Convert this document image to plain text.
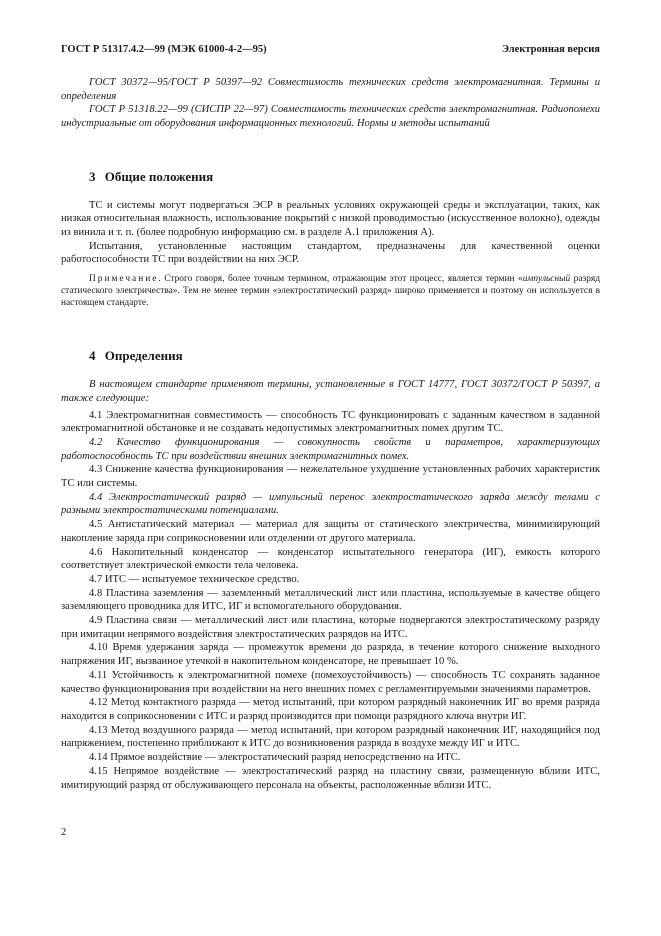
ГОСТ Р 51317.4.2—99 (МЭК 61000-4-2—95)	Электронная версия

ГОСТ 30372—95/ГОСТ Р 50397—92 Совместимость технических средств электромагнитная. Термины и определения

ГОСТ Р 51318.22—99 (СИСПР 22—97) Совместимость технических средств электромагнитная. Радиопомехи индустриальные от оборудования информационных технологий. Нормы и методы испытаний

3 Общие положения

ТС и системы могут подвергаться ЭСР в реальных условиях окружающей среды и эксплуатации, таких, как низкая относительная влажность, использование покрытий с низкой проводимостью (искусственное волокно), одежды из винила и т. п. (более подробную информацию см. в разделе А.1 приложения А).

Испытания, установленные настоящим стандартом, предназначены для качественной оценки работоспособности ТС при воздействии на них ЭСР.

Примечание. Строго говоря, более точным термином, отражающим этот процесс, является термин «импульсный разряд статического электричества». Тем не менее термин «электростатический разряд» широко применяется и поэтому он используется в настоящем стандарте.

4 Определения

В настоящем стандарте применяют термины, установленные в ГОСТ 14777, ГОСТ 30372/ГОСТ Р 50397, а также следующие:

4.1 Электромагнитная совместимость — способность ТС функционировать с заданным качеством в заданной электромагнитной обстановке и не создавать недопустимых электромагнитных помех другим ТС.

4.2 Качество функционирования — совокупность свойств и параметров, характеризующих работоспособность ТС при воздействии внешних электромагнитных помех.

4.3 Снижение качества функционирования — нежелательное ухудшение установленных рабочих характеристик ТС или системы.

4.4 Электростатический разряд — импульсный перенос электростатического заряда между телами с разными электростатическими потенциалами.

4.5 Антистатический материал — материал для защиты от статического электричества, минимизирующий накопление заряда при соприкосновении или отделении от другого материала.

4.6 Накопительный конденсатор — конденсатор испытательного генератора (ИГ), емкость которого соответствует электрической емкости тела человека.

4.7 ИТС — испытуемое техническое средство.

4.8 Пластина заземления — заземленный металлический лист или пластина, используемые в качестве общего заземляющего проводника для ИТС, ИГ и вспомогательного оборудования.

4.9 Пластина связи — металлический лист или пластина, которые подвергаются электростатическому разряду при имитации непрямого воздействия электростатических разрядов на ИТС.

4.10 Время удержания заряда — промежуток времени до разряда, в течение которого снижение выходного напряжения ИГ, вызванное утечкой в накопительном конденсаторе, не превышает 10 %.

4.11 Устойчивость к электромагнитной помехе (помехоустойчивость) — способность ТС сохранять заданное качество функционирования при воздействии на него внешних помех с регламентируемыми значениями параметров.

4.12 Метод контактного разряда — метод испытаний, при котором разрядный наконечник ИГ во время разряда находится в соприкосновении с ИТС и разряд производится при помощи разрядного ключа внутри ИГ.

4.13 Метод воздушного разряда — метод испытаний, при котором разрядный наконечник ИГ, находящийся под напряжением, постепенно приближают к ИТС до возникновения разряда в воздухе между ИГ и ИТС.

4.14 Прямое воздействие — электростатический разряд непосредственно на ИТС.

4.15 Непрямое воздействие — электростатический разряд на пластину связи, размещенную вблизи ИТС, имитирующий разряд от обслуживающего персонала на объекты, расположенные вблизи ИТС.

2
